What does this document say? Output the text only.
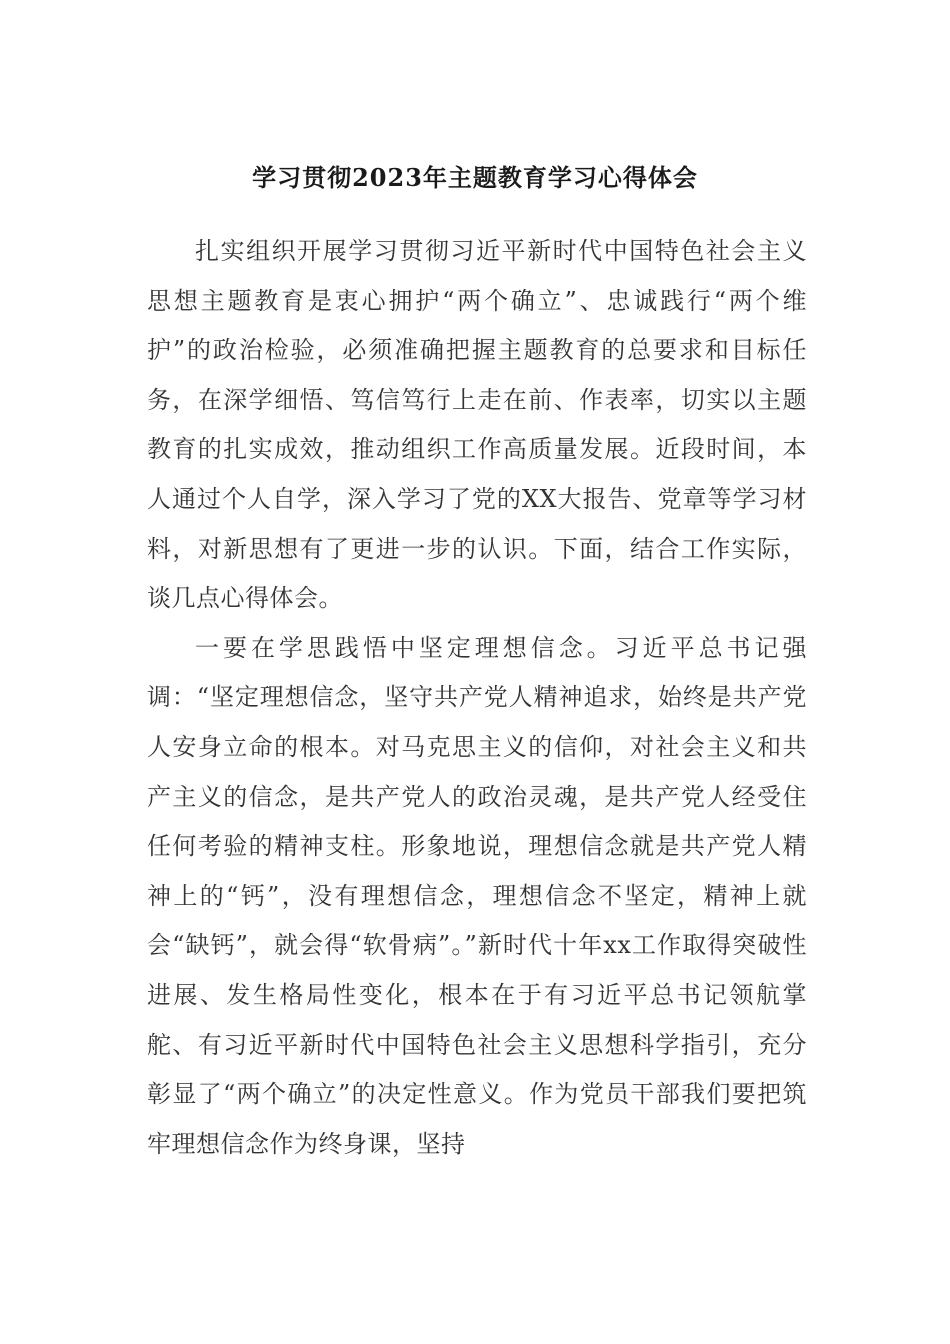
学习贯彻2023年主题教育学习心得体会

扎实组织开展学习贯彻习近平新时代中国特色社会主义思想主题教育是衷心拥护“两个确立”、忠诚践行“两个维护”的政治检验，必须准确把握主题教育的总要求和目标任务，在深学细悟、笃信笃行上走在前、作表率，切实以主题教育的扎实成效，推动组织工作高质量发展。近段时间，本人通过个人自学，深入学习了党的XX大报告、党章等学习材料，对新思想有了更进一步的认识。下面，结合工作实际，谈几点心得体会。

一要在学思践悟中坚定理想信念。习近平总书记强调：“坚定理想信念，坚守共产党人精神追求，始终是共产党人安身立命的根本。对马克思主义的信仰，对社会主义和共产主义的信念，是共产党人的政治灵魂，是共产党人经受住任何考验的精神支柱。形象地说，理想信念就是共产党人精神上的“钙”，没有理想信念，理想信念不坚定，精神上就会“缺钙”，就会得“软骨病”。”新时代十年xx工作取得突破性进展、发生格局性变化，根本在于有习近平总书记领航掌舵、有习近平新时代中国特色社会主义思想科学指引，充分彰显了“两个确立”的决定性意义。作为党员干部我们要把筑牢理想信念作为终身课，坚持
